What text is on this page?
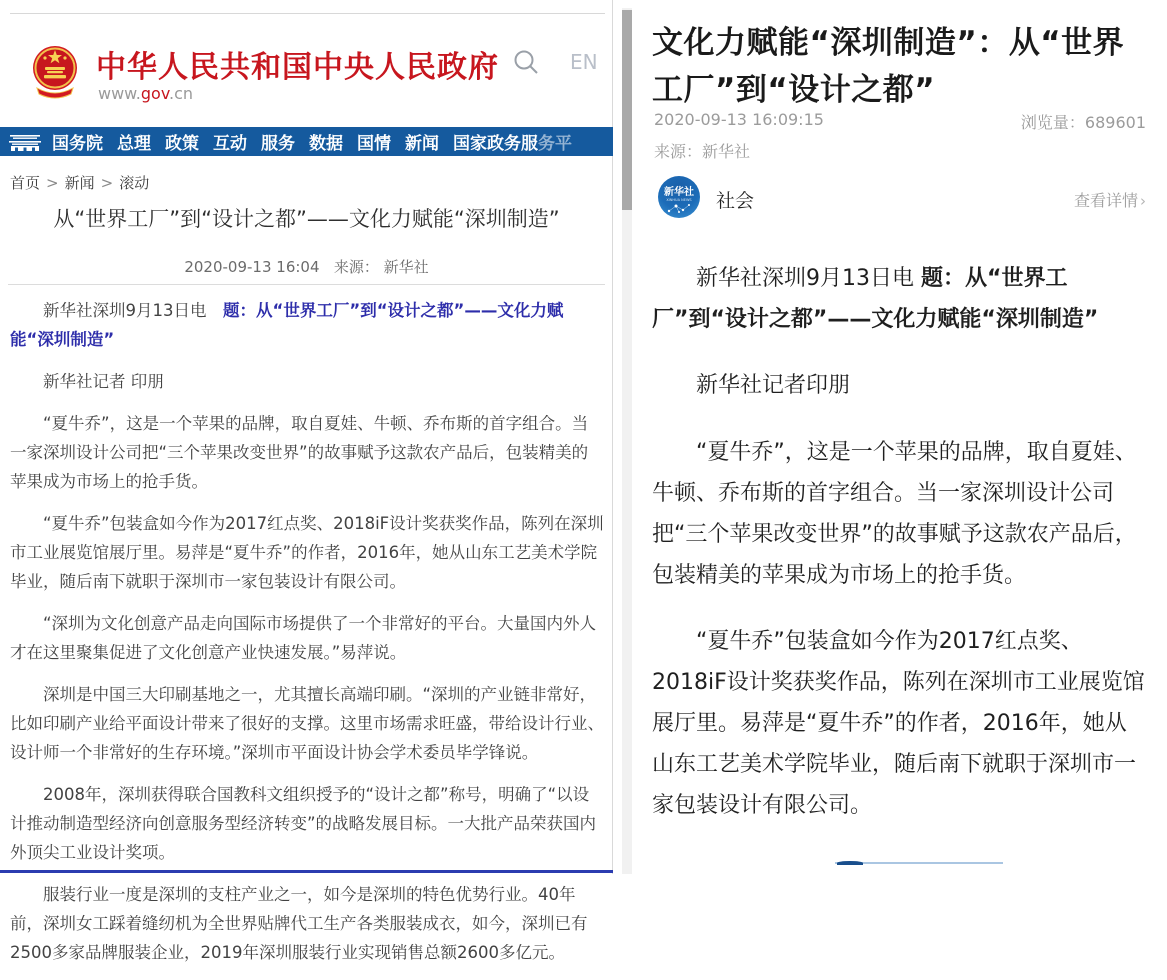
中华人民共和国中央人民政府
www.gov.cn
EN
国务院 总理 政策 互动 服务 数据 国情 新闻 国家政务服务平
首页 > 新闻 > 滚动
从“世界工厂”到“设计之都”——文化力赋能“深圳制造”
2020-09-13 16:04 来源： 新华社

新华社深圳9月13日电　题：从“世界工厂”到“设计之都”——文化力赋能“深圳制造”

新华社记者 印朋

“夏牛乔”，这是一个苹果的品牌，取自夏娃、牛顿、乔布斯的首字组合。当一家深圳设计公司把“三个苹果改变世界”的故事赋予这款农产品后，包装精美的苹果成为市场上的抢手货。

“夏牛乔”包装盒如今作为2017红点奖、2018iF设计奖获奖作品，陈列在深圳市工业展览馆展厅里。易萍是“夏牛乔”的作者，2016年，她从山东工艺美术学院毕业，随后南下就职于深圳市一家包装设计有限公司。

“深圳为文化创意产品走向国际市场提供了一个非常好的平台。大量国内外人才在这里聚集促进了文化创意产业快速发展。”易萍说。

深圳是中国三大印刷基地之一，尤其擅长高端印刷。“深圳的产业链非常好，比如印刷产业给平面设计带来了很好的支撑。这里市场需求旺盛，带给设计行业、设计师一个非常好的生存环境。”深圳市平面设计协会学术委员毕学锋说。

2008年，深圳获得联合国教科文组织授予的“设计之都”称号，明确了“以设计推动制造型经济向创意服务型经济转变”的战略发展目标。一大批产品荣获国内外顶尖工业设计奖项。

服装行业一度是深圳的支柱产业之一，如今是深圳的特色优势行业。40年前，深圳女工踩着缝纫机为全世界贴牌代工生产各类服装成衣，如今，深圳已有2500多家品牌服装企业，2019年深圳服装行业实现销售总额2600多亿元。

文化力赋能“深圳制造”：从“世界工厂”到“设计之都”
2020-09-13 16:09:15	浏览量：689601
来源：新华社
新华社
XINHUA NEWS	社会	查看详情 ›

新华社深圳9月13日电 题：从“世界工厂”到“设计之都”——文化力赋能“深圳制造”

新华社记者印朋

“夏牛乔”，这是一个苹果的品牌，取自夏娃、牛顿、乔布斯的首字组合。当一家深圳设计公司把“三个苹果改变世界”的故事赋予这款农产品后，包装精美的苹果成为市场上的抢手货。

“夏牛乔”包装盒如今作为2017红点奖、2018iF设计奖获奖作品，陈列在深圳市工业展览馆展厅里。易萍是“夏牛乔”的作者，2016年，她从山东工艺美术学院毕业，随后南下就职于深圳市一家包装设计有限公司。
